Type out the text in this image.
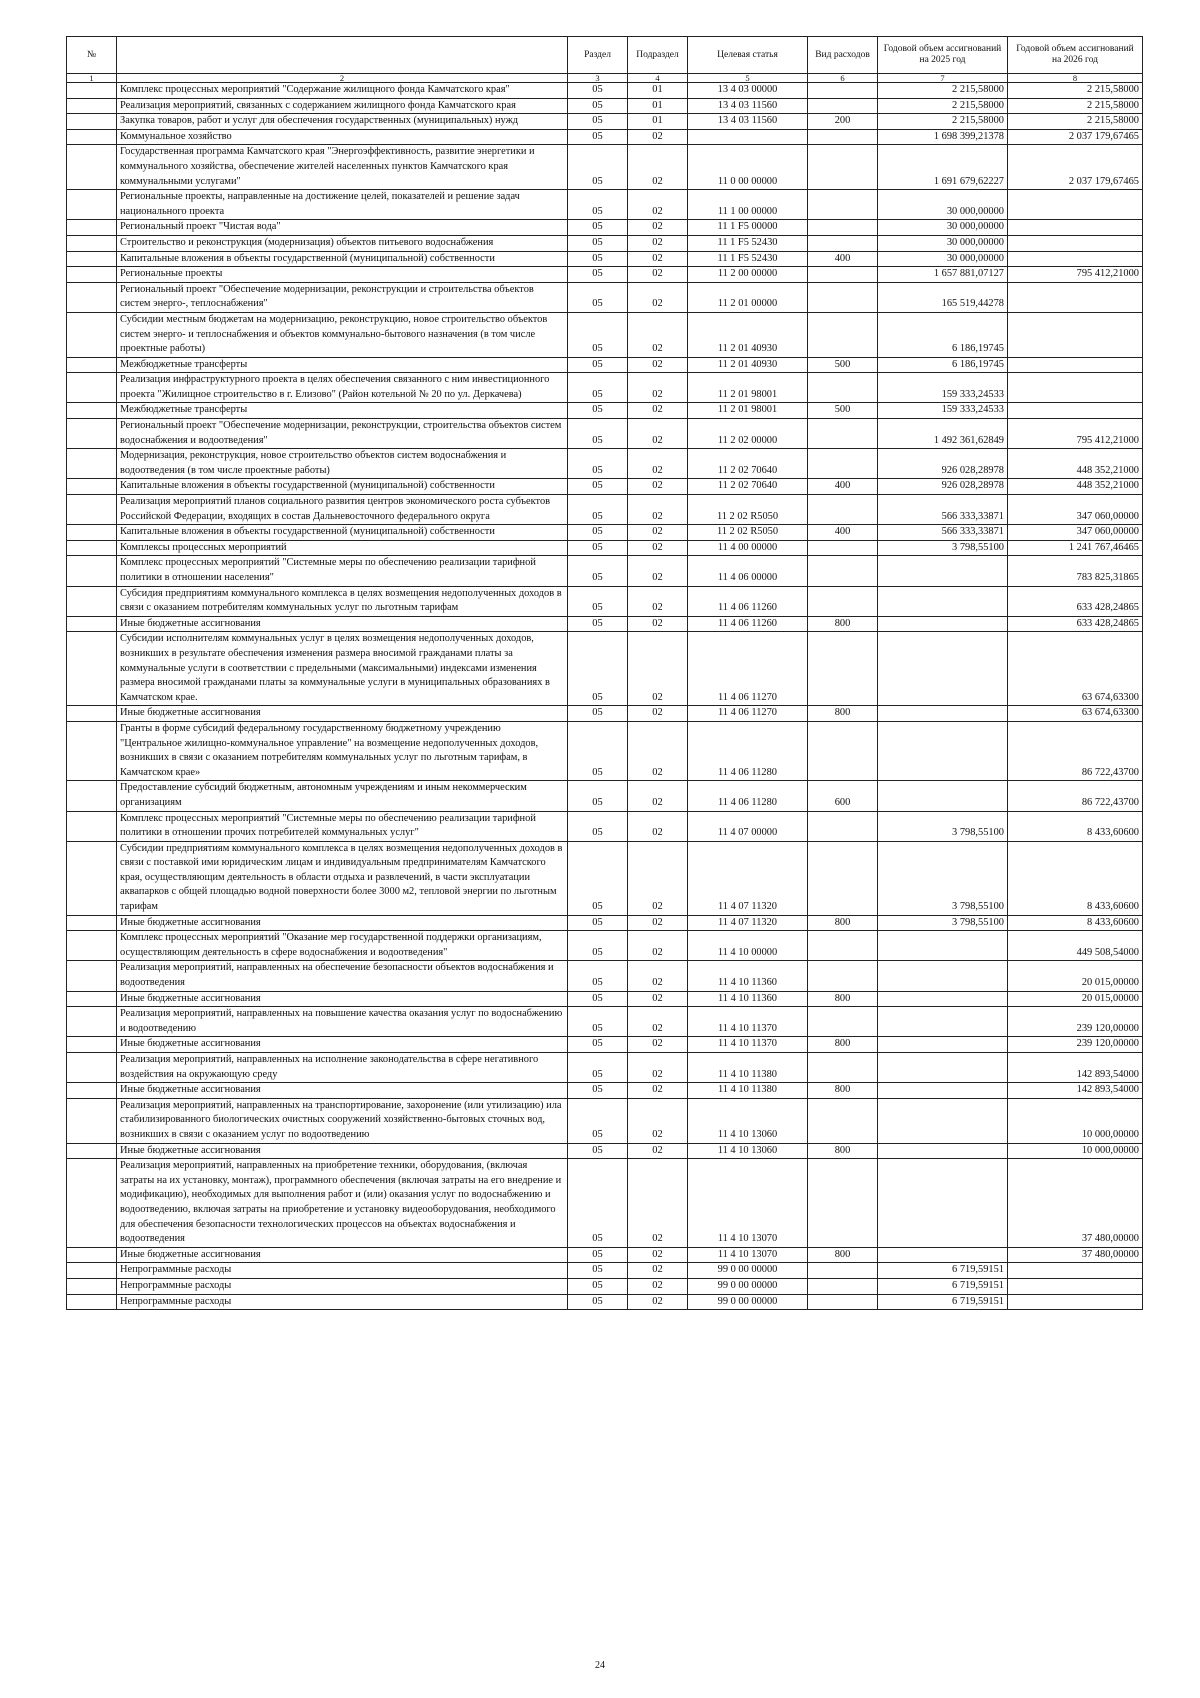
№		Раздел	Подраздел	Целевая статья	Вид расходов	Годовой объем ассигнований на 2025 год	Годовой объем ассигнований на 2026 год
1	2	3	4	5	6	7	8
	Комплекс процессных мероприятий "Содержание жилищного фонда Камчатского края"	05	01	13 4 03 00000		2 215,58000	2 215,58000
	Реализация мероприятий, связанных с содержанием жилищного фонда Камчатского края	05	01	13 4 03 11560		2 215,58000	2 215,58000
	Закупка товаров, работ и услуг для обеспечения государственных (муниципальных) нужд	05	01	13 4 03 11560	200	2 215,58000	2 215,58000
	Коммунальное хозяйство	05	02			1 698 399,21378	2 037 179,67465
	Государственная программа Камчатского края "Энергоэффективность, развитие энергетики и коммунального хозяйства, обеспечение жителей населенных пунктов Камчатского края коммунальными услугами"	05	02	11 0 00 00000		1 691 679,62227	2 037 179,67465
	Региональные проекты, направленные на достижение целей, показателей и решение задач национального проекта	05	02	11 1 00 00000		30 000,00000	
	Региональный проект "Чистая вода"	05	02	11 1 F5 00000		30 000,00000	
	Строительство и реконструкция (модернизация) объектов питьевого водоснабжения	05	02	11 1 F5 52430		30 000,00000	
	Капитальные вложения в объекты государственной (муниципальной) собственности	05	02	11 1 F5 52430	400	30 000,00000	
	Региональные проекты	05	02	11 2 00 00000		1 657 881,07127	795 412,21000
	Региональный проект "Обеспечение модернизации, реконструкции и строительства объектов систем энерго-, теплоснабжения"	05	02	11 2 01 00000		165 519,44278	
	Субсидии местным бюджетам на модернизацию, реконструкцию, новое строительство объектов систем энерго- и теплоснабжения и объектов коммунально-бытового назначения (в том числе проектные работы)	05	02	11 2 01 40930		6 186,19745	
	Межбюджетные трансферты	05	02	11 2 01 40930	500	6 186,19745	
	Реализация инфраструктурного проекта в целях обеспечения связанного с ним инвестиционного проекта "Жилищное строительство в г. Елизово" (Район котельной № 20 по ул. Деркачева)	05	02	11 2 01 98001		159 333,24533	
	Межбюджетные трансферты	05	02	11 2 01 98001	500	159 333,24533	
	Региональный проект "Обеспечение модернизации, реконструкции, строительства объектов систем водоснабжения и водоотведения"	05	02	11 2 02 00000		1 492 361,62849	795 412,21000
	Модернизация, реконструкция, новое строительство объектов систем водоснабжения и водоотведения (в том числе проектные работы)	05	02	11 2 02 70640		926 028,28978	448 352,21000
	Капитальные вложения в объекты государственной (муниципальной) собственности	05	02	11 2 02 70640	400	926 028,28978	448 352,21000
	Реализация мероприятий планов социального развития центров экономического роста субъектов Российской Федерации, входящих в состав Дальневосточного федерального округа	05	02	11 2 02 R5050		566 333,33871	347 060,00000
	Капитальные вложения в объекты государственной (муниципальной) собственности	05	02	11 2 02 R5050	400	566 333,33871	347 060,00000
	Комплексы процессных мероприятий	05	02	11 4 00 00000		3 798,55100	1 241 767,46465
	Комплекс процессных мероприятий "Системные меры по обеспечению реализации тарифной политики в отношении населения"	05	02	11 4 06 00000			783 825,31865
	Субсидия предприятиям коммунального комплекса в целях возмещения недополученных доходов в связи с оказанием потребителям коммунальных услуг по льготным тарифам	05	02	11 4 06 11260			633 428,24865
	Иные бюджетные ассигнования	05	02	11 4 06 11260	800		633 428,24865
	Субсидии исполнителям коммунальных услуг в целях возмещения недополученных доходов, возникших в результате обеспечения изменения размера вносимой гражданами платы за коммунальные услуги в соответствии с предельными (максимальными) индексами изменения размера вносимой гражданами платы за коммунальные услуги в муниципальных образованиях в Камчатском крае.	05	02	11 4 06 11270			63 674,63300
	Иные бюджетные ассигнования	05	02	11 4 06 11270	800		63 674,63300
	Гранты в форме субсидий федеральному государственному бюджетному учреждению "Центральное жилищно-коммунальное управление" на возмещение недополученных доходов, возникших в связи с оказанием потребителям коммунальных услуг по льготным тарифам, в Камчатском крае»	05	02	11 4 06 11280			86 722,43700
	Предоставление субсидий бюджетным, автономным учреждениям и иным некоммерческим организациям	05	02	11 4 06 11280	600		86 722,43700
	Комплекс процессных мероприятий "Системные меры по обеспечению реализации тарифной политики в отношении прочих потребителей коммунальных услуг"	05	02	11 4 07 00000		3 798,55100	8 433,60600
	Субсидии предприятиям коммунального комплекса в целях возмещения недополученных доходов в связи с поставкой ими юридическим лицам и индивидуальным предпринимателям Камчатского края, осуществляющим деятельность в области отдыха и развлечений, в части эксплуатации аквапарков с общей площадью водной поверхности более 3000 м2, тепловой энергии по льготным тарифам	05	02	11 4 07 11320		3 798,55100	8 433,60600
	Иные бюджетные ассигнования	05	02	11 4 07 11320	800	3 798,55100	8 433,60600
	Комплекс процессных мероприятий "Оказание мер государственной поддержки организациям, осуществляющим деятельность в сфере водоснабжения и водоотведения"	05	02	11 4 10 00000			449 508,54000
	Реализация мероприятий, направленных на обеспечение безопасности объектов водоснабжения и водоотведения	05	02	11 4 10 11360			20 015,00000
	Иные бюджетные ассигнования	05	02	11 4 10 11360	800		20 015,00000
	Реализация мероприятий, направленных на повышение качества оказания услуг по водоснабжению и водоотведению	05	02	11 4 10 11370			239 120,00000
	Иные бюджетные ассигнования	05	02	11 4 10 11370	800		239 120,00000
	Реализация мероприятий, направленных на исполнение законодательства в сфере негативного воздействия на окружающую среду	05	02	11 4 10 11380			142 893,54000
	Иные бюджетные ассигнования	05	02	11 4 10 11380	800		142 893,54000
	Реализация мероприятий, направленных на транспортирование, захоронение (или утилизацию) ила стабилизированного биологических очистных сооружений хозяйственно-бытовых сточных вод, возникших в связи с оказанием услуг по водоотведению	05	02	11 4 10 13060			10 000,00000
	Иные бюджетные ассигнования	05	02	11 4 10 13060	800		10 000,00000
	Реализация мероприятий, направленных на приобретение техники, оборудования, (включая затраты на их установку, монтаж), программного обеспечения (включая затраты на его внедрение и модификацию), необходимых для выполнения работ и (или) оказания услуг по водоснабжению и водоотведению, включая затраты на приобретение и установку видеооборудования, необходимого для обеспечения безопасности технологических процессов на объектах водоснабжения и водоотведения	05	02	11 4 10 13070			37 480,00000
	Иные бюджетные ассигнования	05	02	11 4 10 13070	800		37 480,00000
	Непрограммные расходы	05	02	99 0 00 00000		6 719,59151	
	Непрограммные расходы	05	02	99 0 00 00000		6 719,59151	
	Непрограммные расходы	05	02	99 0 00 00000		6 719,59151	
24
